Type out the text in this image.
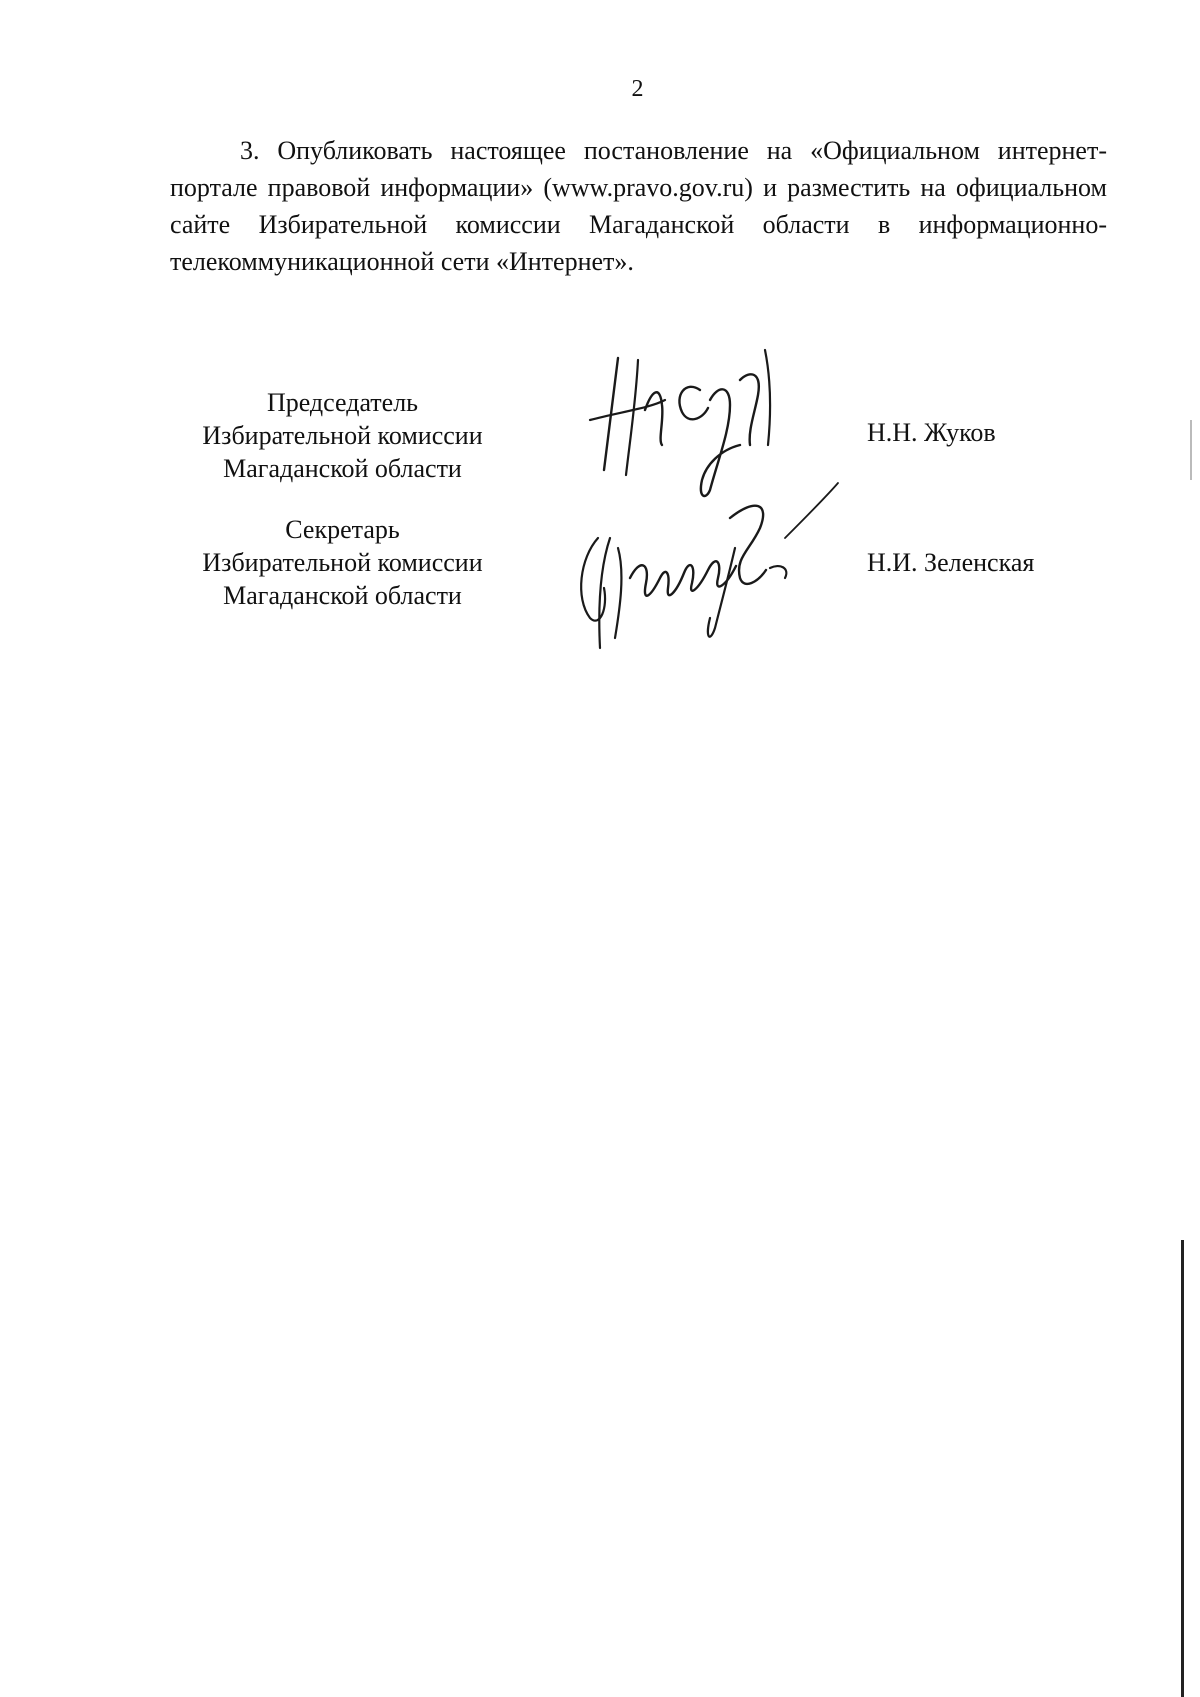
2

3. Опубликовать настоящее постановление на «Официальном интернет-портале правовой информации» (www.pravo.gov.ru) и разместить на официальном сайте Избирательной комиссии Магаданской области в информационно-телекоммуникационной сети «Интернет».

Председатель
Избирательной комиссии
Магаданской области
Н.Н. Жуков
Секретарь
Избирательной комиссии
Магаданской области
Н.И. Зеленская
